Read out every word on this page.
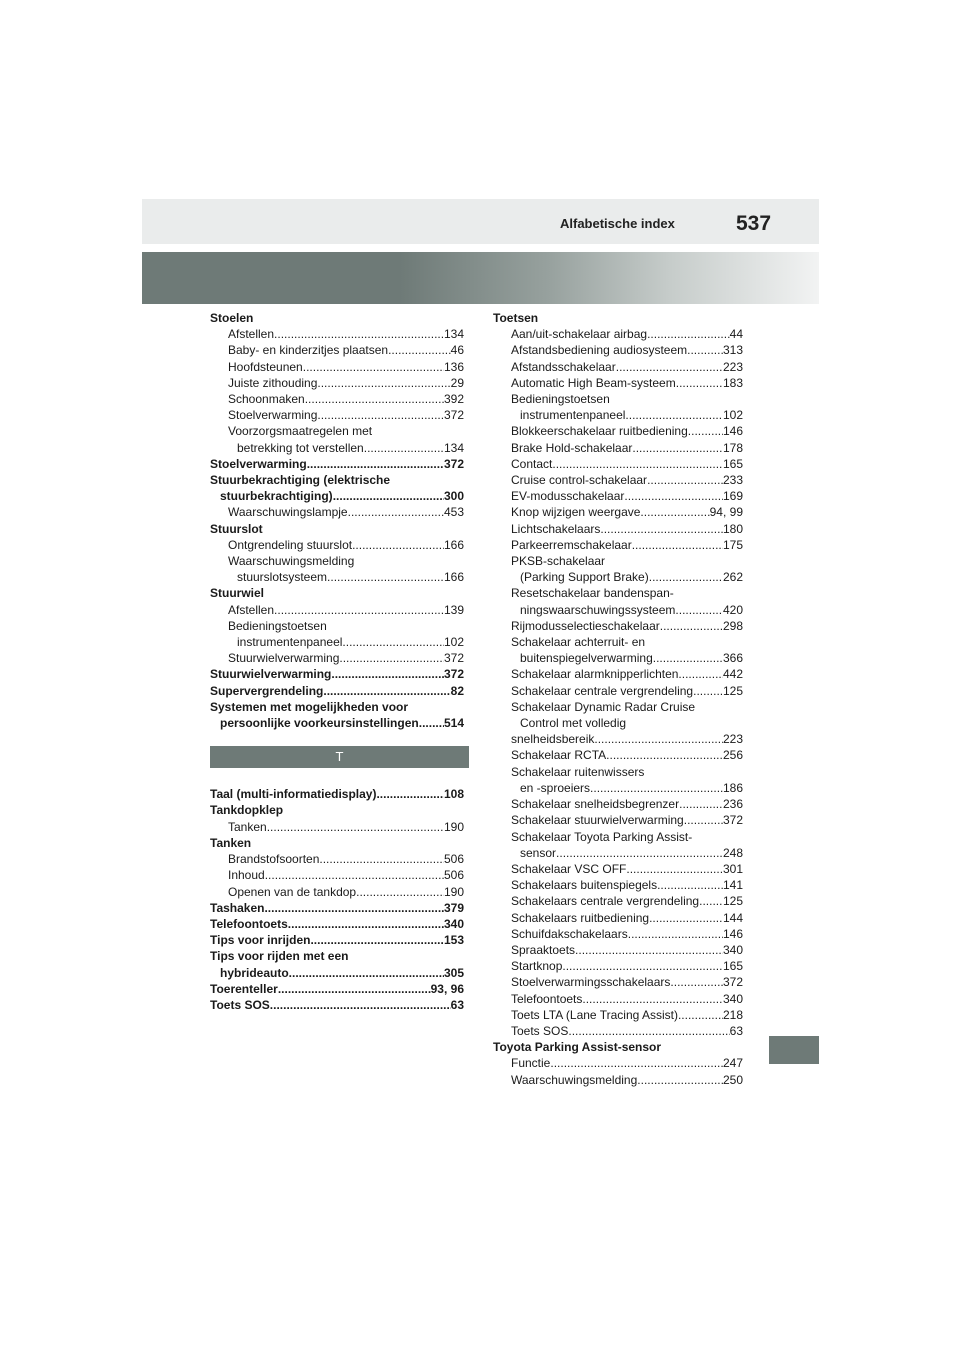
Alfabetische index	537
Stoelen
Afstellen .....	134
Baby- en kinderzitjes plaatsen .....	46
Hoofdsteunen .....	136
Juiste zithouding .....	29
Schoonmaken .....	392
Stoelverwarming .....	372
Voorzorgsmaatregelen met
betrekking tot verstellen .....	134
Stoelverwarming .....	372
Stuurbekrachtiging (elektrische
stuurbekrachtiging) .....	300
Waarschuwingslampje .....	453
Stuurslot
Ontgrendeling stuurslot .....	166
Waarschuwingsmelding
stuurslotsysteem .....	166
Stuurwiel
Afstellen .....	139
Bedieningstoetsen
instrumentenpaneel .....	102
Stuurwielverwarming .....	372
Stuurwielverwarming .....	372
Supervergrendeling .....	82
Systemen met mogelijkheden voor
persoonlijke voorkeursinstellingen ..... 514
T
Taal (multi-informatiedisplay) .....	108
Tankdopklep
Tanken .....	190
Tanken
Brandstofsoorten .....	506
Inhoud .....	506
Openen van de tankdop .....	190
Tashaken .....	379
Telefoontoets .....	340
Tips voor inrijden .....	153
Tips voor rijden met een
hybrideauto .....	305
Toerenteller .....	93, 96
Toets SOS .....	63
Toetsen
Aan/uit-schakelaar airbag .....	44
Afstandsbediening audiosysteem .....	313
Afstandsschakelaar .....	223
Automatic High Beam-systeem .....	183
Bedieningstoetsen
instrumentenpaneel .....	102
Blokkeerschakelaar ruitbediening .....	146
Brake Hold-schakelaar .....	178
Contact .....	165
Cruise control-schakelaar .....	233
EV-modusschakelaar .....	169
Knop wijzigen weergave .....	94, 99
Lichtschakelaars .....	180
Parkeerremschakelaar .....	175
PKSB-schakelaar
(Parking Support Brake) .....	262
Resetschakelaar bandenspan-
ningswaarschuwingssysteem .....	420
Rijmodusselectieschakelaar .....	298
Schakelaar achterruit- en
buitenspiegelverwarming .....	366
Schakelaar alarmknipperlichten .....	442
Schakelaar centrale vergrendeling ..... 125
Schakelaar Dynamic Radar Cruise
Control met volledig
snelheidsbereik .....	223
Schakelaar RCTA .....	256
Schakelaar ruitenwissers
en -sproeiers .....	186
Schakelaar snelheidsbegrenzer .....	236
Schakelaar stuurwielverwarming .....	372
Schakelaar Toyota Parking Assist-
sensor .....	248
Schakelaar VSC OFF .....	301
Schakelaars buitenspiegels .....	141
Schakelaars centrale vergrendeling ..... 125
Schakelaars ruitbediening .....	144
Schuifdakschakelaars .....	146
Spraaktoets .....	340
Startknop .....	165
Stoelverwarmingsschakelaars .....	372
Telefoontoets .....	340
Toets LTA (Lane Tracing Assist) .....	218
Toets SOS .....	63
Toyota Parking Assist-sensor
Functie .....	247
Waarschuwingsmelding .....	250
